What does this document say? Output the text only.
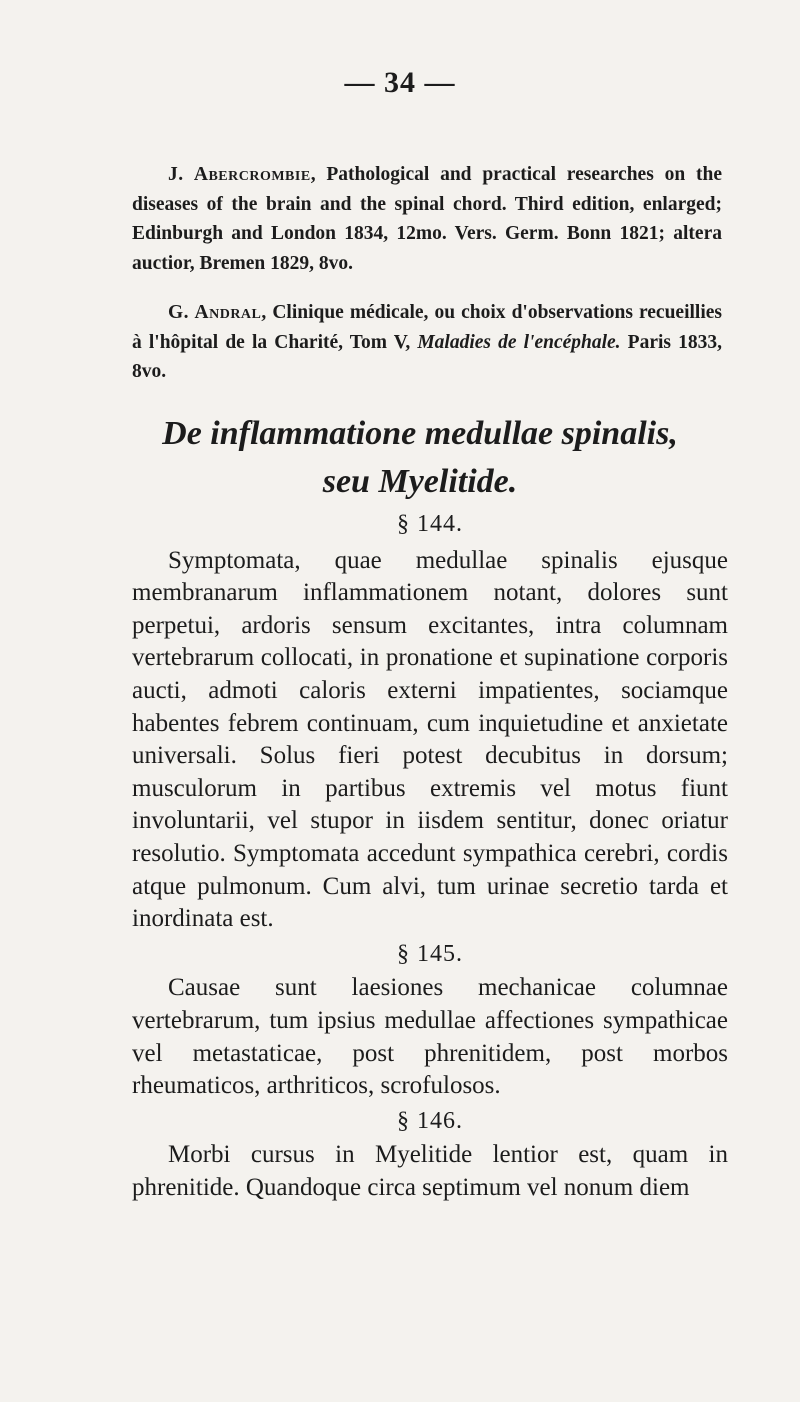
— 34 —

J. Abercrombie, Pathological and practical researches on the diseases of the brain and the spinal chord. Third edition, enlarged; Edinburgh and London 1834, 12mo. Vers. Germ. Bonn 1821; altera auctior, Bremen 1829, 8vo.

G. Andral, Clinique médicale, ou choix d'observations recueillies à l'hôpital de la Charité, Tom V, Maladies de l'encéphale. Paris 1833, 8vo.

De inflammatione medullae spinalis,
seu Myelitide.

§ 144.

Symptomata, quae medullae spinalis ejusque membranarum inflammationem notant, dolores sunt perpetui, ardoris sensum excitantes, intra columnam vertebrarum collocati, in pronatione et supinatione corporis aucti, admoti caloris externi impatientes, sociamque habentes febrem continuam, cum inquietudine et anxietate universali. Solus fieri potest decubitus in dorsum; musculorum in partibus extremis vel motus fiunt involuntarii, vel stupor in iisdem sentitur, donec oriatur resolutio. Symptomata accedunt sympathica cerebri, cordis atque pulmonum. Cum alvi, tum urinae secretio tarda et inordinata est.

§ 145.

Causae sunt laesiones mechanicae columnae vertebrarum, tum ipsius medullae affectiones sympathicae vel metastaticae, post phrenitidem, post morbos rheumaticos, arthriticos, scrofulosos.

§ 146.

Morbi cursus in Myelitide lentior est, quam in phrenitide. Quandoque circa septimum vel nonum diem
